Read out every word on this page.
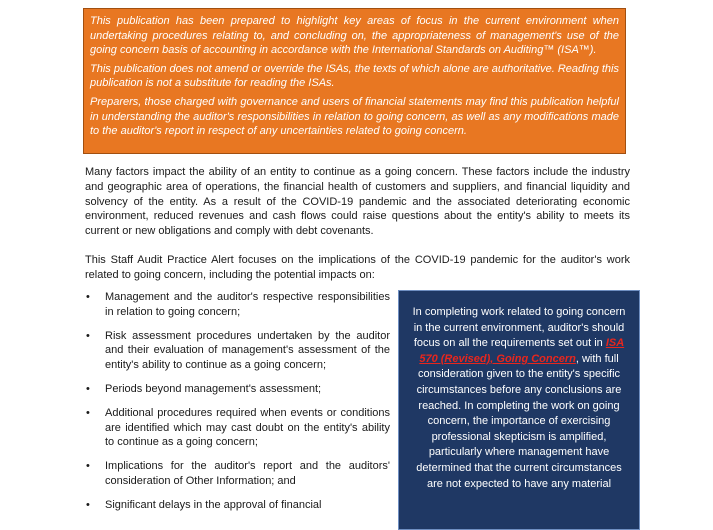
This publication has been prepared to highlight key areas of focus in the current environment when undertaking procedures relating to, and concluding on, the appropriateness of management's use of the going concern basis of accounting in accordance with the International Standards on Auditing™ (ISA™).

This publication does not amend or override the ISAs, the texts of which alone are authoritative. Reading this publication is not a substitute for reading the ISAs.

Preparers, those charged with governance and users of financial statements may find this publication helpful in understanding the auditor's responsibilities in relation to going concern, as well as any modifications made to the auditor's report in respect of any uncertainties related to going concern.

Many factors impact the ability of an entity to continue as a going concern. These factors include the industry and geographic area of operations, the financial health of customers and suppliers, and financial liquidity and solvency of the entity. As a result of the COVID-19 pandemic and the associated deteriorating economic environment, reduced revenues and cash flows could raise questions about the entity's ability to meets its current or new obligations and comply with debt covenants.

This Staff Audit Practice Alert focuses on the implications of the COVID-19 pandemic for the auditor's work related to going concern, including the potential impacts on:

• Management and the auditor's respective responsibilities in relation to going concern;
• Risk assessment procedures undertaken by the auditor and their evaluation of management's assessment of the entity's ability to continue as a going concern;
• Periods beyond management's assessment;
• Additional procedures required when events or conditions are identified which may cast doubt on the entity's ability to continue as a going concern;
• Implications for the auditor's report and the auditors' consideration of Other Information; and
• Significant delays in the approval of financial
In completing work related to going concern in the current environment, auditor's should focus on all the requirements set out in ISA 570 (Revised), Going Concern, with full consideration given to the entity's specific circumstances before any conclusions are reached. In completing the work on going concern, the importance of exercising professional skepticism is amplified, particularly where management have determined that the current circumstances are not expected to have any material
